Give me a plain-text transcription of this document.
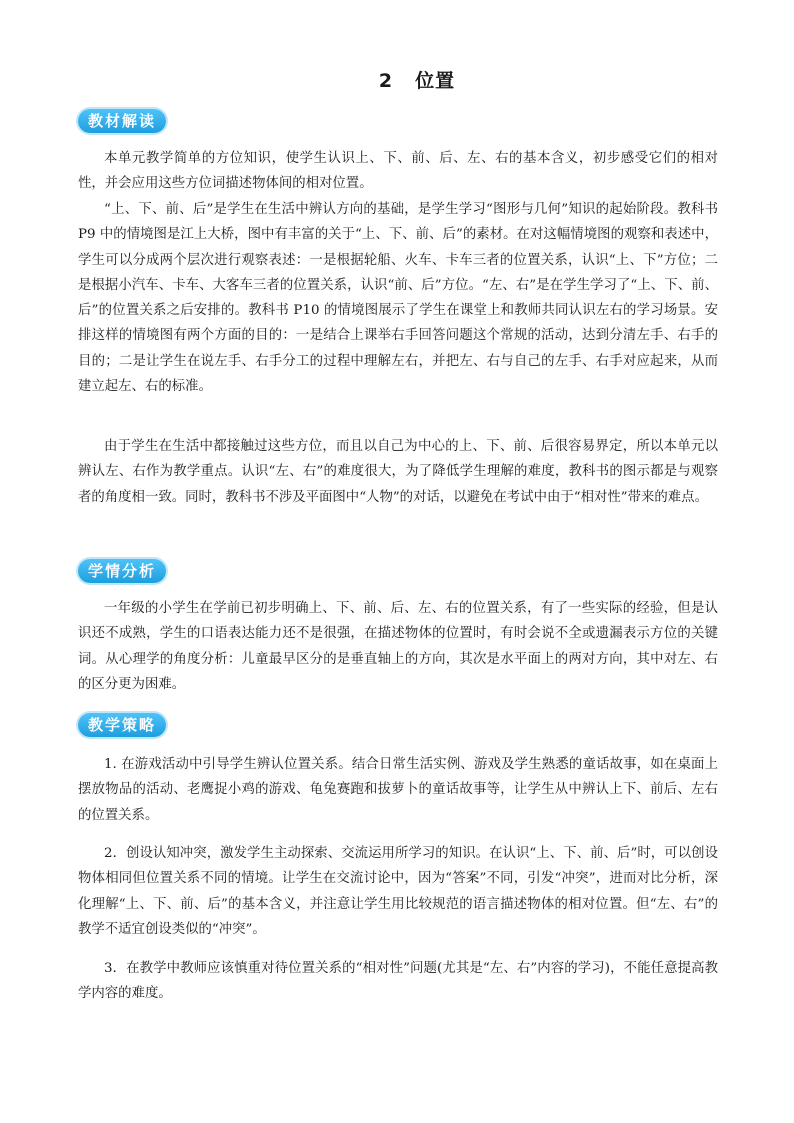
2 位置
教材解读

本单元教学简单的方位知识，使学生认识上、下、前、后、左、右的基本含义，初步感受它们的相对性，并会应用这些方位词描述物体间的相对位置。

“上、下、前、后”是学生在生活中辨认方向的基础，是学生学习“图形与几何”知识的起始阶段。教科书 P9 中的情境图是江上大桥，图中有丰富的关于“上、下、前、后”的素材。在对这幅情境图的观察和表述中，学生可以分成两个层次进行观察表述：一是根据轮船、火车、卡车三者的位置关系，认识“上、下”方位；二是根据小汽车、卡车、大客车三者的位置关系，认识“前、后”方位。“左、右”是在学生学习了“上、下、前、后”的位置关系之后安排的。教科书 P10 的情境图展示了学生在课堂上和教师共同认识左右的学习场景。安排这样的情境图有两个方面的目的：一是结合上课举右手回答问题这个常规的活动，达到分清左手、右手的目的；二是让学生在说左手、右手分工的过程中理解左右，并把左、右与自己的左手、右手对应起来，从而建立起左、右的标准。

由于学生在生活中都接触过这些方位，而且以自己为中心的上、下、前、后很容易界定，所以本单元以辨认左、右作为教学重点。认识“左、右”的难度很大，为了降低学生理解的难度，教科书的图示都是与观察者的角度相一致。同时，教科书不涉及平面图中“人物”的对话，以避免在考试中由于“相对性”带来的难点。

学情分析

一年级的小学生在学前已初步明确上、下、前、后、左、右的位置关系，有了一些实际的经验，但是认识还不成熟，学生的口语表达能力还不是很强，在描述物体的位置时，有时会说不全或遗漏表示方位的关键词。从心理学的角度分析：儿童最早区分的是垂直轴上的方向，其次是水平面上的两对方向，其中对左、右的区分更为困难。

教学策略

1. 在游戏活动中引导学生辨认位置关系。结合日常生活实例、游戏及学生熟悉的童话故事，如在桌面上摆放物品的活动、老鹰捉小鸡的游戏、龟兔赛跑和拔萝卜的童话故事等，让学生从中辨认上下、前后、左右的位置关系。

2．创设认知冲突，激发学生主动探索、交流运用所学习的知识。在认识“上、下、前、后”时，可以创设物体相同但位置关系不同的情境。让学生在交流讨论中，因为“答案”不同，引发“冲突”，进而对比分析，深化理解“上、下、前、后”的基本含义，并注意让学生用比较规范的语言描述物体的相对位置。但“左、右”的教学不适宜创设类似的“冲突”。

3．在教学中教师应该慎重对待位置关系的“相对性”问题(尤其是“左、右”内容的学习)，不能任意提高教学内容的难度。
